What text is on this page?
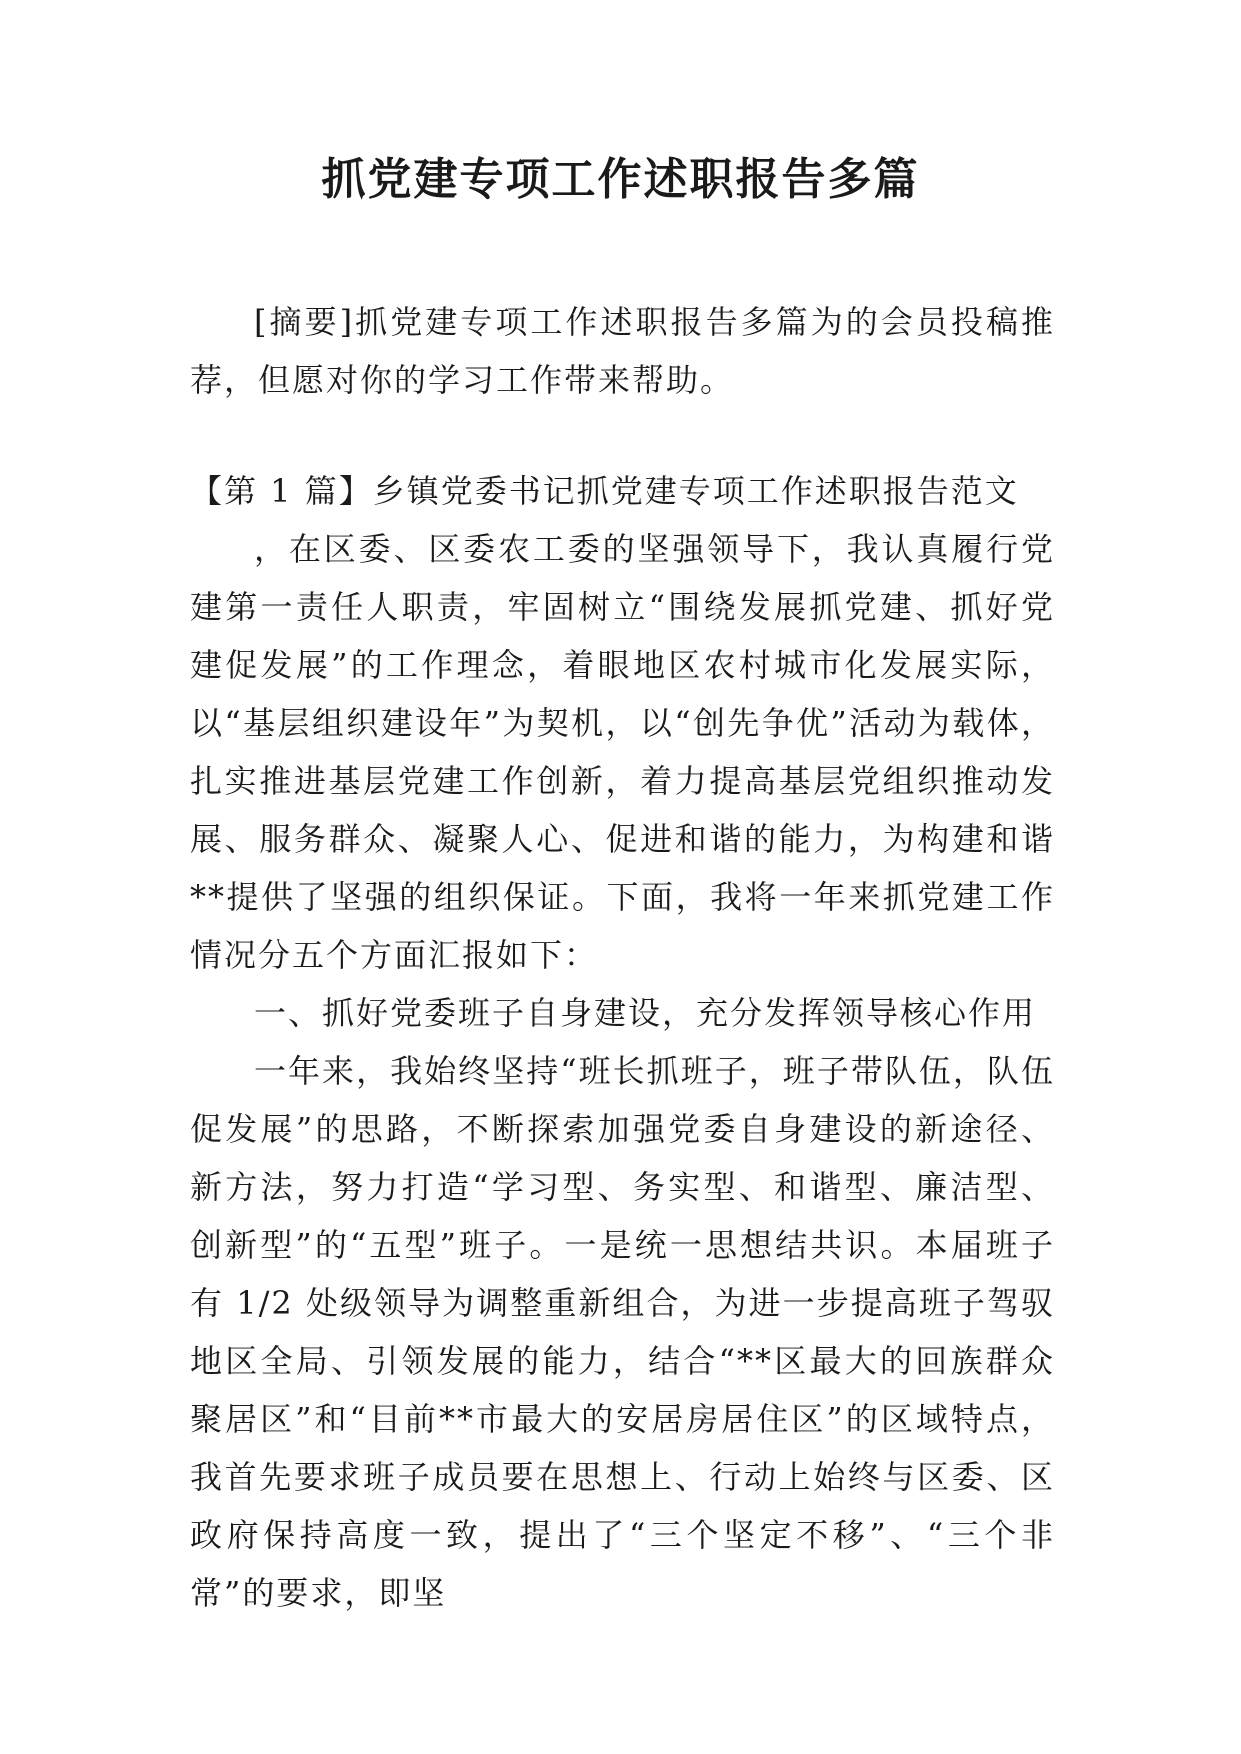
抓党建专项工作述职报告多篇

[摘要]抓党建专项工作述职报告多篇为的会员投稿推荐，但愿对你的学习工作带来帮助。

【第 1 篇】乡镇党委书记抓党建专项工作述职报告范文

，在区委、区委农工委的坚强领导下，我认真履行党建第一责任人职责，牢固树立“围绕发展抓党建、抓好党建促发展”的工作理念，着眼地区农村城市化发展实际，以“基层组织建设年”为契机，以“创先争优”活动为载体，扎实推进基层党建工作创新，着力提高基层党组织推动发展、服务群众、凝聚人心、促进和谐的能力，为构建和谐**提供了坚强的组织保证。下面，我将一年来抓党建工作情况分五个方面汇报如下：

一、抓好党委班子自身建设，充分发挥领导核心作用

一年来，我始终坚持“班长抓班子，班子带队伍，队伍促发展”的思路，不断探索加强党委自身建设的新途径、新方法，努力打造“学习型、务实型、和谐型、廉洁型、创新型”的“五型”班子。一是统一思想结共识。本届班子有 1/2 处级领导为调整重新组合，为进一步提高班子驾驭地区全局、引领发展的能力，结合“**区最大的回族群众聚居区”和“目前**市最大的安居房居住区”的区域特点，我首先要求班子成员要在思想上、行动上始终与区委、区政府保持高度一致，提出了“三个坚定不移”、“三个非常”的要求，即坚
